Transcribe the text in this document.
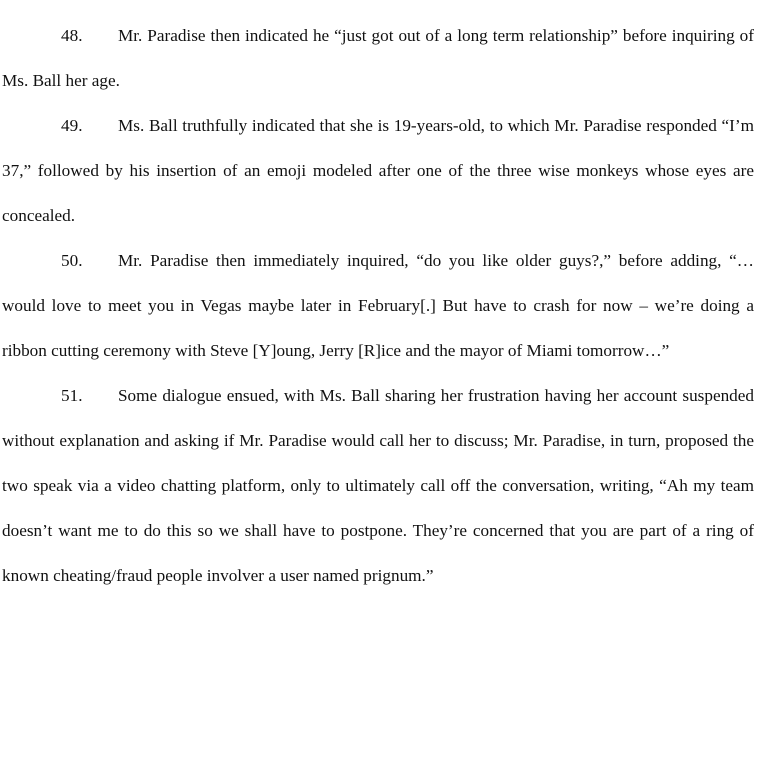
48. Mr. Paradise then indicated he “just got out of a long term relationship” before inquiring of Ms. Ball her age.

49. Ms. Ball truthfully indicated that she is 19-years-old, to which Mr. Paradise responded “I’m 37,” followed by his insertion of an emoji modeled after one of the three wise monkeys whose eyes are concealed.

50. Mr. Paradise then immediately inquired, “do you like older guys?,” before adding, “…would love to meet you in Vegas maybe later in February[.] But have to crash for now – we’re doing a ribbon cutting ceremony with Steve [Y]oung, Jerry [R]ice and the mayor of Miami tomorrow…”

51. Some dialogue ensued, with Ms. Ball sharing her frustration having her account suspended without explanation and asking if Mr. Paradise would call her to discuss; Mr. Paradise, in turn, proposed the two speak via a video chatting platform, only to ultimately call off the conversation, writing, “Ah my team doesn’t want me to do this so we shall have to postpone. They’re concerned that you are part of a ring of known cheating/fraud people involver a user named prignum.”
